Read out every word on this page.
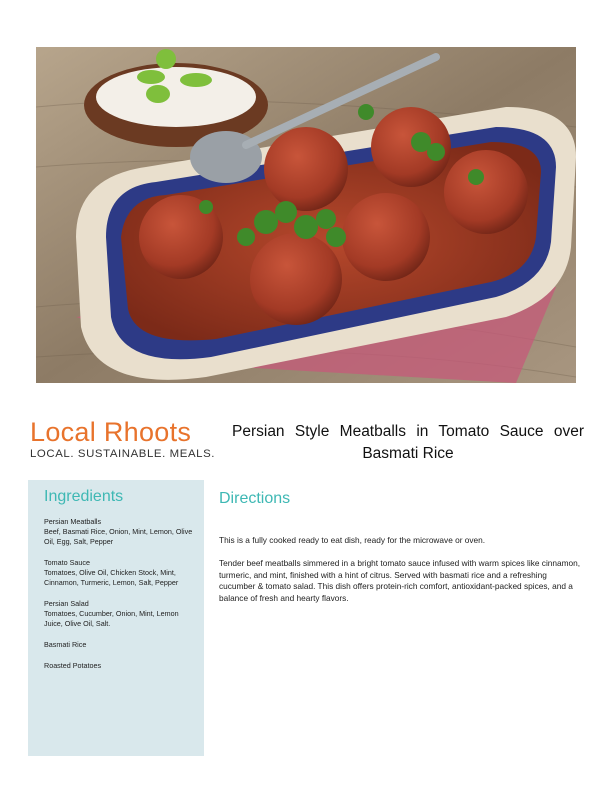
Local Rhoots
LOCAL. SUSTAINABLE. MEALS.
Persian Style Meatballs in Tomato Sauce over Basmati Rice
Ingredients
Persian Meatballs
Beef, Basmati Rice, Onion, Mint, Lemon, Olive Oil, Egg, Salt, Pepper
Tomato Sauce
Tomatoes, Olive Oil, Chicken Stock, Mint, Cinnamon, Turmeric, Lemon, Salt, Pepper
Persian Salad
Tomatoes, Cucumber, Onion, Mint, Lemon Juice, Olive Oil, Salt.
Basmati Rice
Roasted Potatoes
Directions

This is a fully cooked ready to eat dish, ready for the microwave or oven.

Tender beef meatballs simmered in a bright tomato sauce infused with warm spices like cinnamon, turmeric, and mint, finished with a hint of citrus. Served with basmati rice and a refreshing cucumber & tomato salad. This dish offers protein-rich comfort, antioxidant-packed spices, and a balance of fresh and hearty flavors.
